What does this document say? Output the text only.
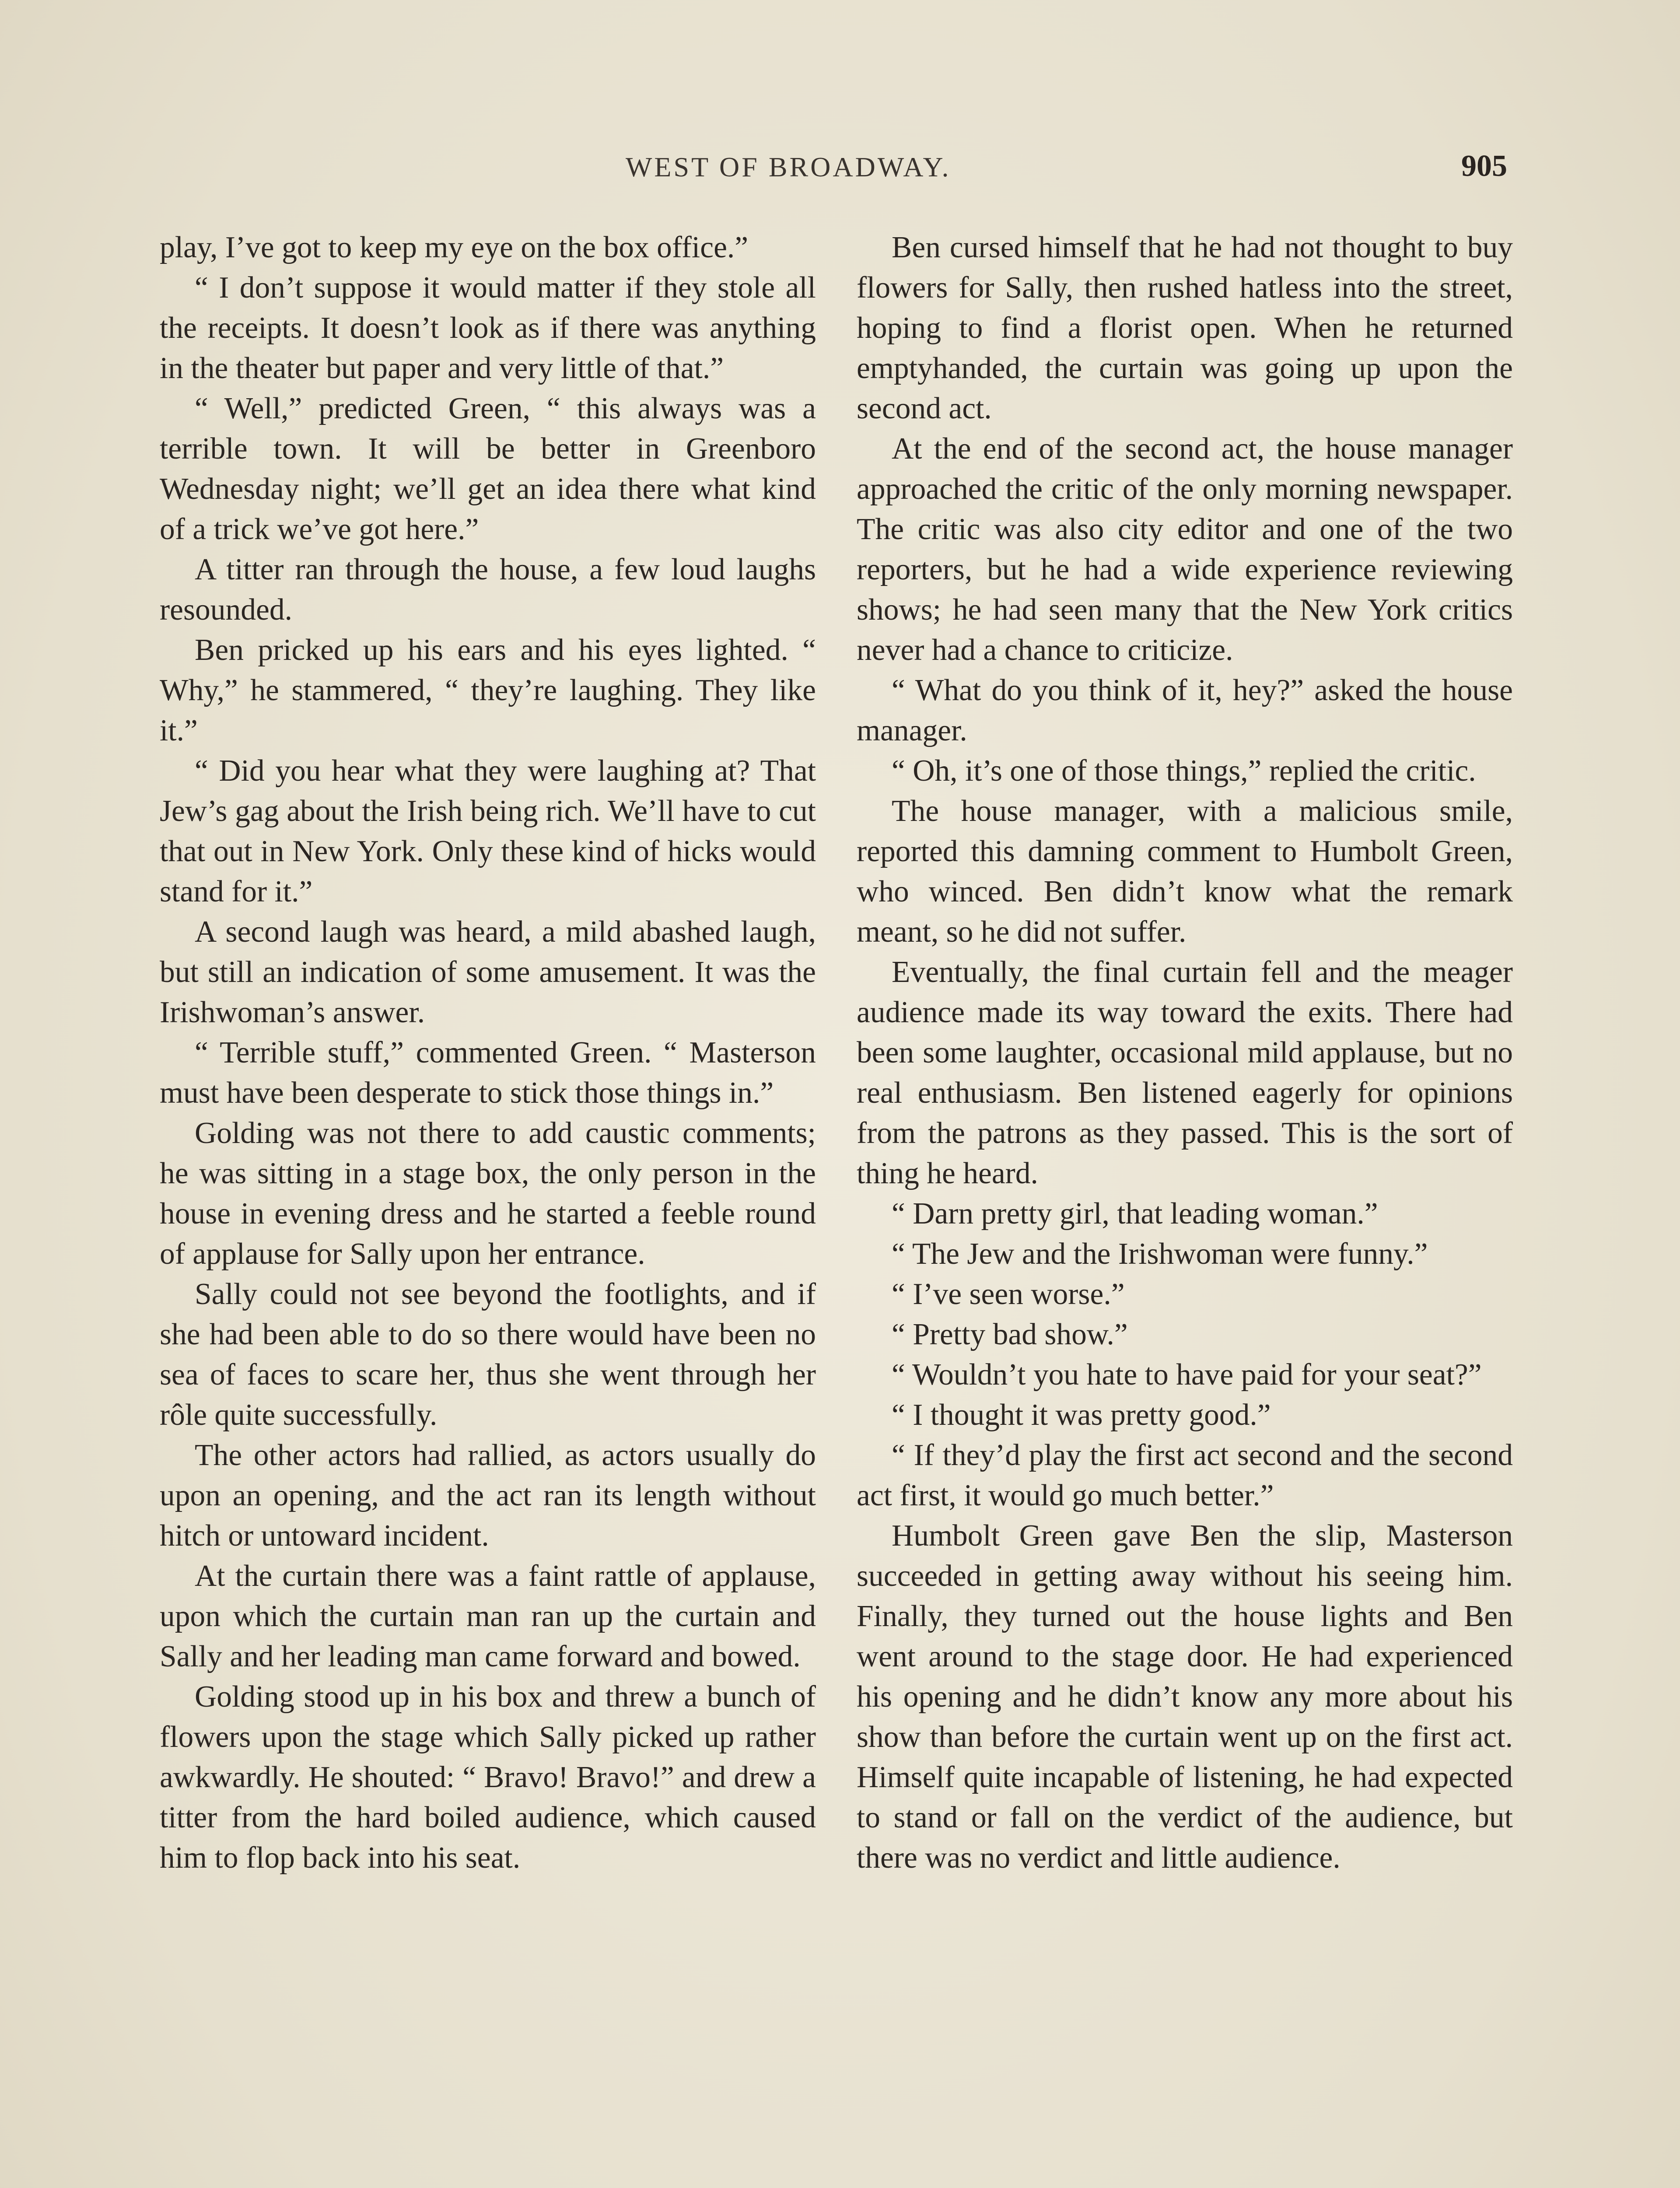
WEST OF BROADWAY.	905

play, I’ve got to keep my eye on the box office.”

“ I don’t suppose it would matter if they stole all the receipts. It doesn’t look as if there was anything in the theater but paper and very little of that.”

“ Well,” predicted Green, “ this always was a terrible town. It will be better in Greenboro Wednesday night; we’ll get an idea there what kind of a trick we’ve got here.”

A titter ran through the house, a few loud laughs resounded.

Ben pricked up his ears and his eyes lighted. “ Why,” he stammered, “ they’re laughing. They like it.”

“ Did you hear what they were laughing at? That Jew’s gag about the Irish being rich. We’ll have to cut that out in New York. Only these kind of hicks would stand for it.”

A second laugh was heard, a mild abashed laugh, but still an indication of some amusement. It was the Irishwoman’s answer.

“ Terrible stuff,” commented Green. “ Masterson must have been desperate to stick those things in.”

Golding was not there to add caustic comments; he was sitting in a stage box, the only person in the house in evening dress and he started a feeble round of applause for Sally upon her entrance.

Sally could not see beyond the footlights, and if she had been able to do so there would have been no sea of faces to scare her, thus she went through her rôle quite successfully.

The other actors had rallied, as actors usually do upon an opening, and the act ran its length without hitch or untoward incident.

At the curtain there was a faint rattle of applause, upon which the curtain man ran up the curtain and Sally and her leading man came forward and bowed.

Golding stood up in his box and threw a bunch of flowers upon the stage which Sally picked up rather awkwardly. He shouted: “ Bravo! Bravo!” and drew a titter from the hard boiled audience, which caused him to flop back into his seat.

Ben cursed himself that he had not thought to buy flowers for Sally, then rushed hatless into the street, hoping to find a florist open. When he returned emptyhanded, the curtain was going up upon the second act.

At the end of the second act, the house manager approached the critic of the only morning newspaper. The critic was also city editor and one of the two reporters, but he had a wide experience reviewing shows; he had seen many that the New York critics never had a chance to criticize.

“ What do you think of it, hey?” asked the house manager.

“ Oh, it’s one of those things,” replied the critic.

The house manager, with a malicious smile, reported this damning comment to Humbolt Green, who winced. Ben didn’t know what the remark meant, so he did not suffer.

Eventually, the final curtain fell and the meager audience made its way toward the exits. There had been some laughter, occasional mild applause, but no real enthusiasm. Ben listened eagerly for opinions from the patrons as they passed. This is the sort of thing he heard.

“ Darn pretty girl, that leading woman.”

“ The Jew and the Irishwoman were funny.”

“ I’ve seen worse.”

“ Pretty bad show.”

“ Wouldn’t you hate to have paid for your seat?”

“ I thought it was pretty good.”

“ If they’d play the first act second and the second act first, it would go much better.”

Humbolt Green gave Ben the slip, Masterson succeeded in getting away without his seeing him. Finally, they turned out the house lights and Ben went around to the stage door. He had experienced his opening and he didn’t know any more about his show than before the curtain went up on the first act. Himself quite incapable of listening, he had expected to stand or fall on the verdict of the audience, but there was no verdict and little audience.
